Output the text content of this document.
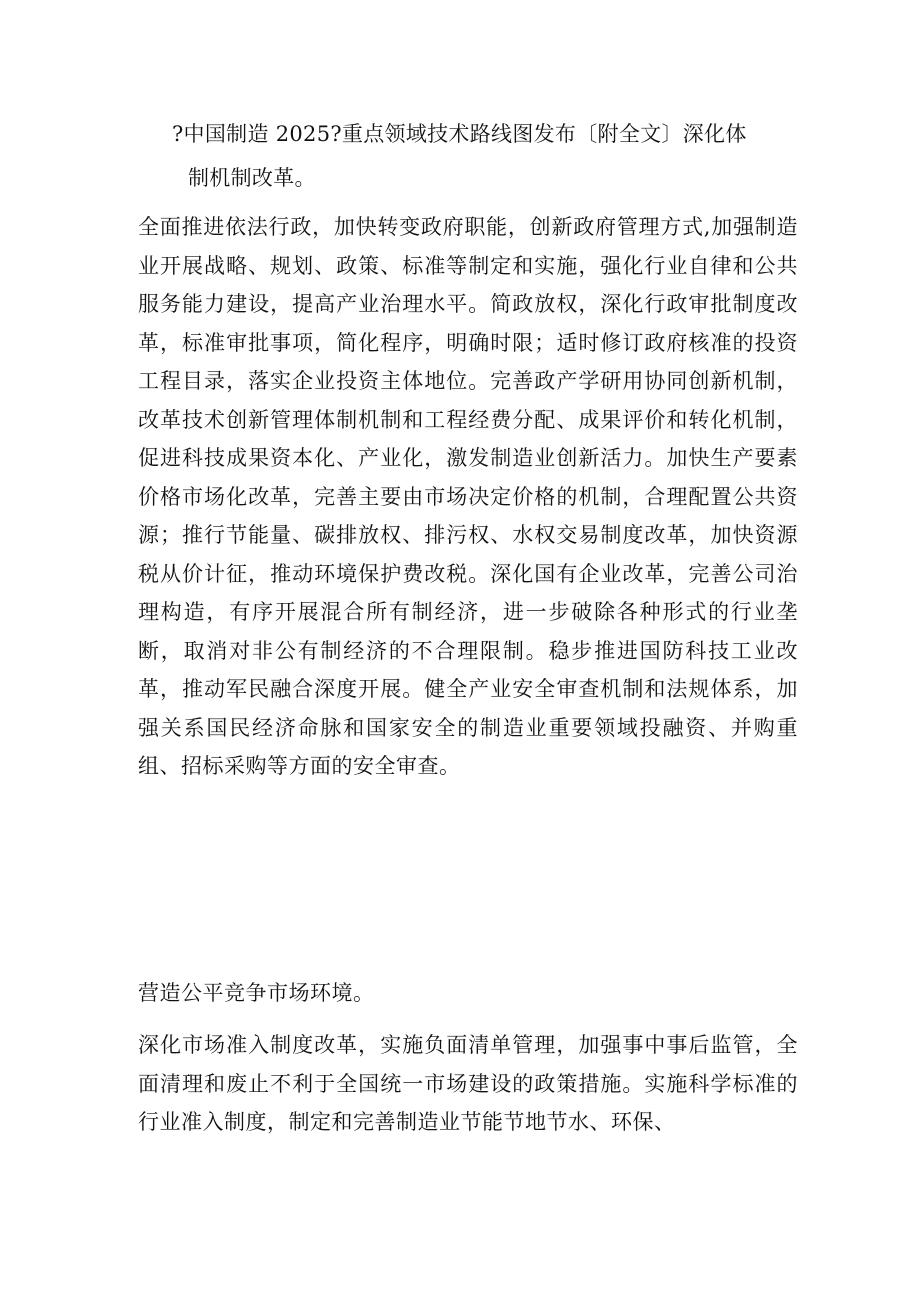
?中国制造 2025?重点领域技术路线图发布〔附全文〕深化体
制机制改革。

全面推进依法行政，加快转变政府职能，创新政府管理方式,加强制造业开展战略、规划、政策、标准等制定和实施，强化行业自律和公共服务能力建设，提高产业治理水平。简政放权，深化行政审批制度改革，标准审批事项，简化程序，明确时限；适时修订政府核准的投资工程目录，落实企业投资主体地位。完善政产学研用协同创新机制，改革技术创新管理体制机制和工程经费分配、成果评价和转化机制，促进科技成果资本化、产业化，激发制造业创新活力。加快生产要素价格市场化改革，完善主要由市场决定价格的机制，合理配置公共资源；推行节能量、碳排放权、排污权、水权交易制度改革，加快资源税从价计征，推动环境保护费改税。深化国有企业改革，完善公司治理构造，有序开展混合所有制经济，进一步破除各种形式的行业垄断，取消对非公有制经济的不合理限制。稳步推进国防科技工业改革，推动军民融合深度开展。健全产业安全审查机制和法规体系，加强关系国民经济命脉和国家安全的制造业重要领域投融资、并购重组、招标采购等方面的安全审查。

营造公平竞争市场环境。

深化市场准入制度改革，实施负面清单管理，加强事中事后监管，全面清理和废止不利于全国统一市场建设的政策措施。实施科学标准的行业准入制度，制定和完善制造业节能节地节水、环保、
